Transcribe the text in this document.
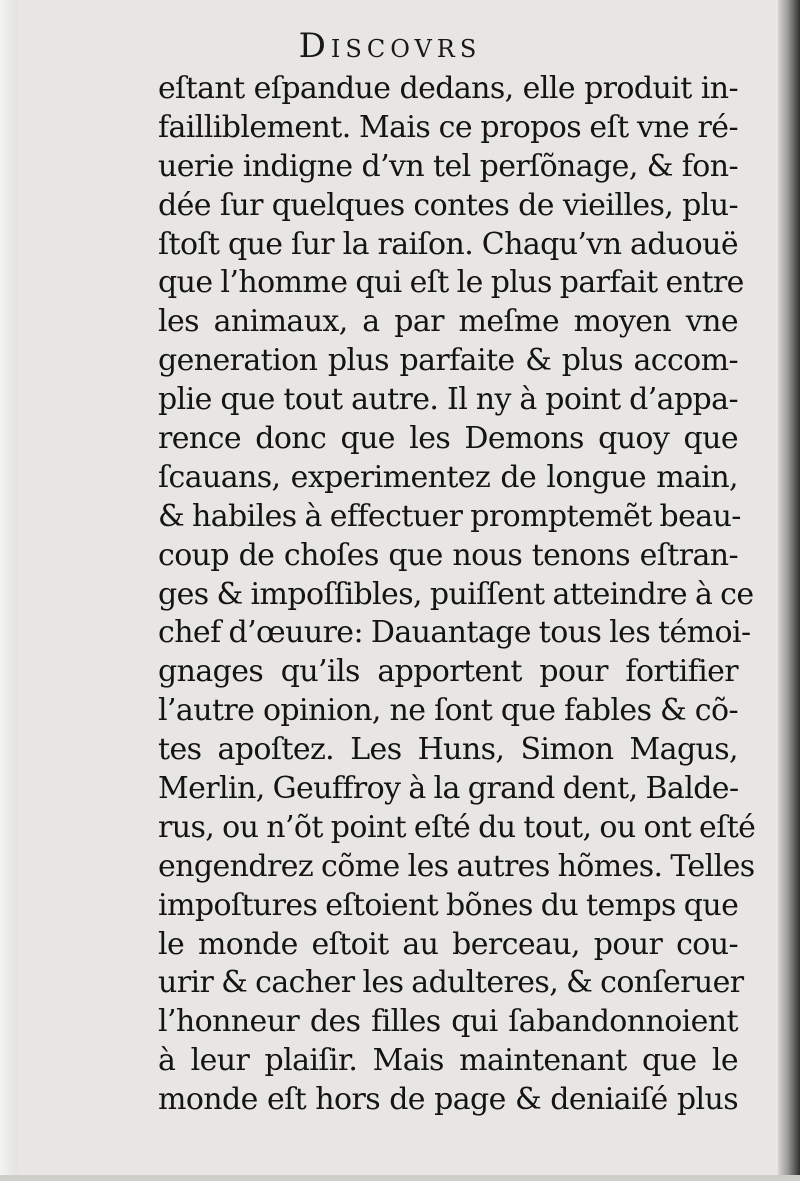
Discovrs
eſtant eſpandue dedans, elle produit in-
failliblement. Mais ce propos eſt vne ré-
uerie indigne d’vn tel perſõnage, & fon-
dée ſur quelques contes de vieilles, plu-
ſtoſt que ſur la raiſon. Chaqu’vn aduouë
que l’homme qui eſt le plus parfait entre
les animaux, a par meſme moyen vne
generation plus parfaite & plus accom-
plie que tout autre. Il ny à point d’appa-
rence donc que les Demons quoy que
ſcauans, experimentez de longue main,
& habiles à effectuer promptemẽt beau-
coup de choſes que nous tenons eſtran-
ges & impoſſibles, puiſſent atteindre à ce
chef d’œuure: Dauantage tous les témoi-
gnages qu’ils apportent pour fortifier
l’autre opinion, ne ſont que fables & cõ-
tes apoſtez. Les Huns, Simon Magus,
Merlin, Geuffroy à la grand dent, Balde-
rus, ou n’õt point eſté du tout, ou ont eſté
engendrez cõme les autres hõmes. Telles
impoſtures eſtoient bõnes du temps que
le monde eſtoit au berceau, pour cou-
urir & cacher les adulteres, & conſeruer
l’honneur des filles qui ſabandonnoient
à leur plaiſir. Mais maintenant que le
monde eſt hors de page & deniaiſé plus
